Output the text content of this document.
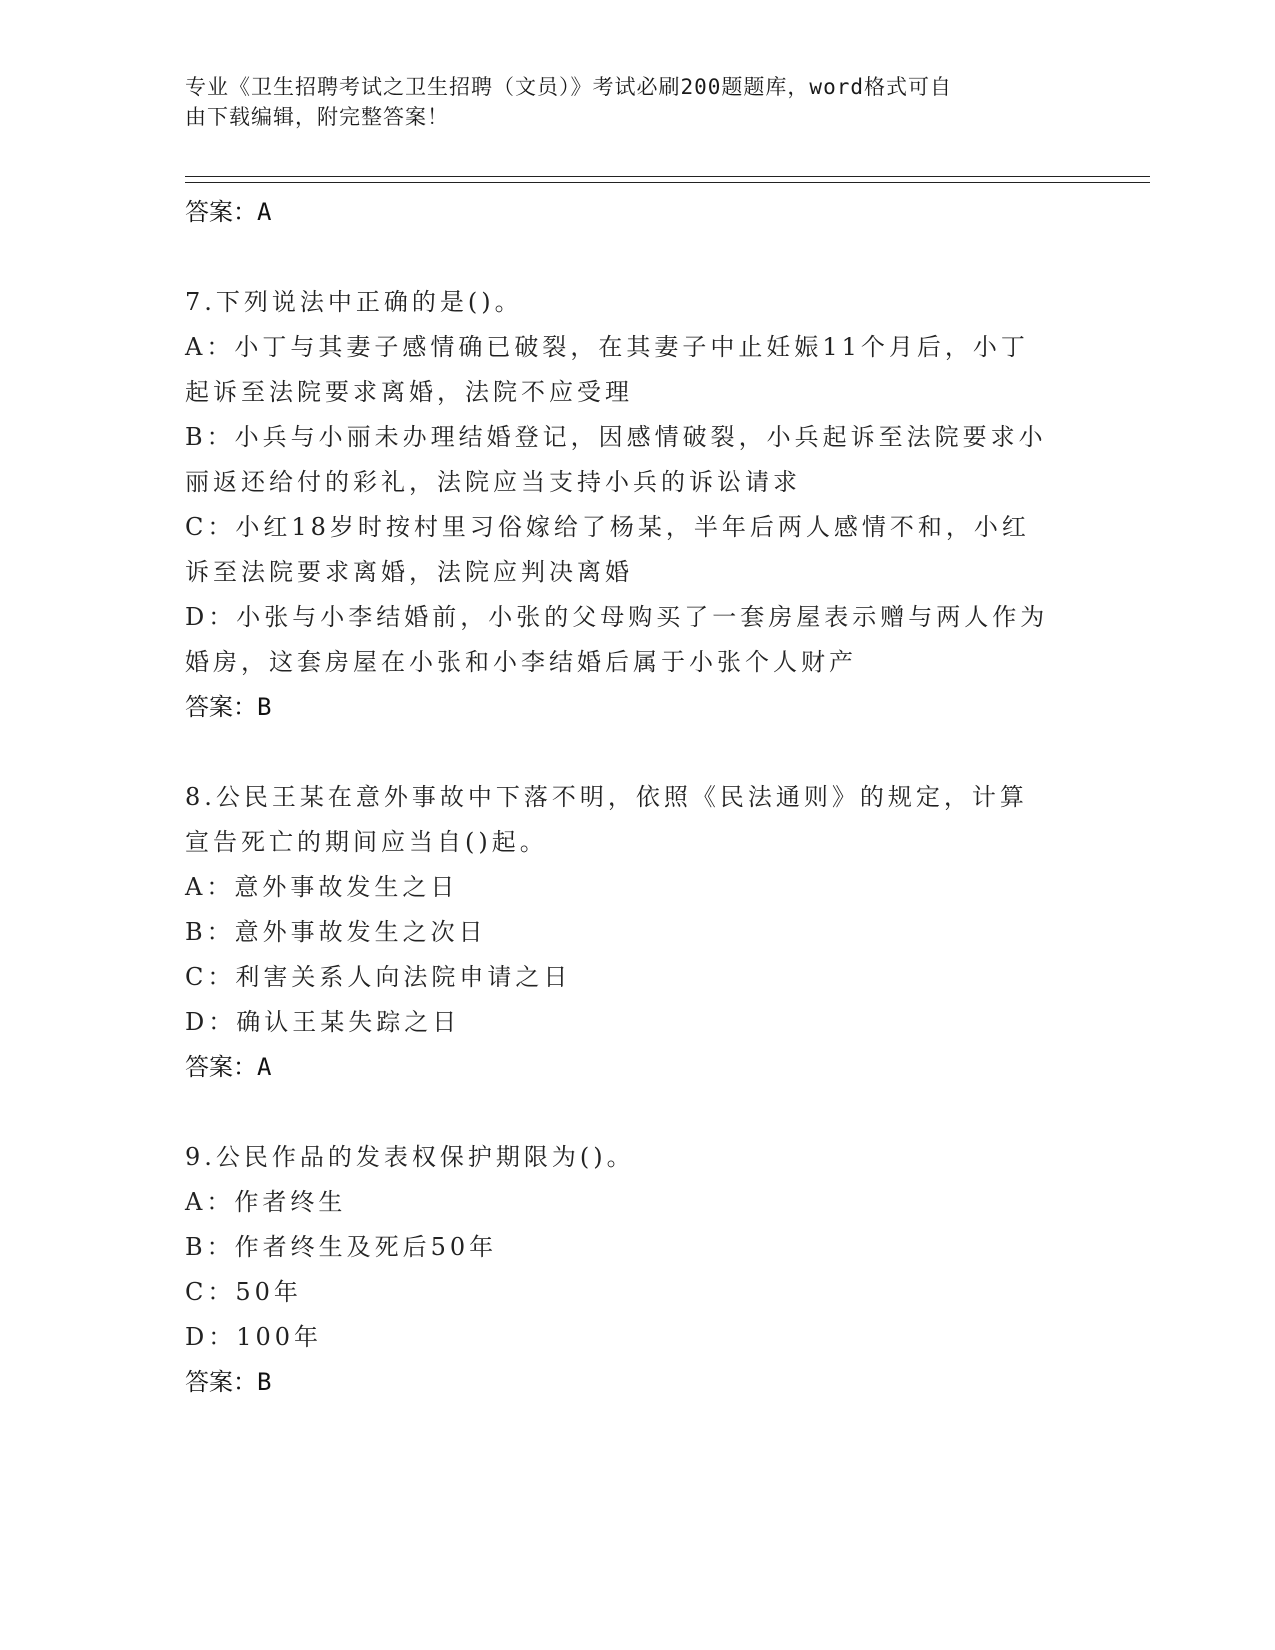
专业《卫生招聘考试之卫生招聘（文员）》考试必刷200题题库，word格式可自
由下载编辑，附完整答案！
答案：A
7.下列说法中正确的是()。
A：小丁与其妻子感情确已破裂，在其妻子中止妊娠11个月后，小丁
起诉至法院要求离婚，法院不应受理
B：小兵与小丽未办理结婚登记，因感情破裂，小兵起诉至法院要求小
丽返还给付的彩礼，法院应当支持小兵的诉讼请求
C：小红18岁时按村里习俗嫁给了杨某，半年后两人感情不和，小红
诉至法院要求离婚，法院应判决离婚
D：小张与小李结婚前，小张的父母购买了一套房屋表示赠与两人作为
婚房，这套房屋在小张和小李结婚后属于小张个人财产
答案：B
8.公民王某在意外事故中下落不明，依照《民法通则》的规定，计算
宣告死亡的期间应当自()起。
A：意外事故发生之日
B：意外事故发生之次日
C：利害关系人向法院申请之日
D：确认王某失踪之日
答案：A
9.公民作品的发表权保护期限为()。
A：作者终生
B：作者终生及死后50年
C：50年
D：100年
答案：B
